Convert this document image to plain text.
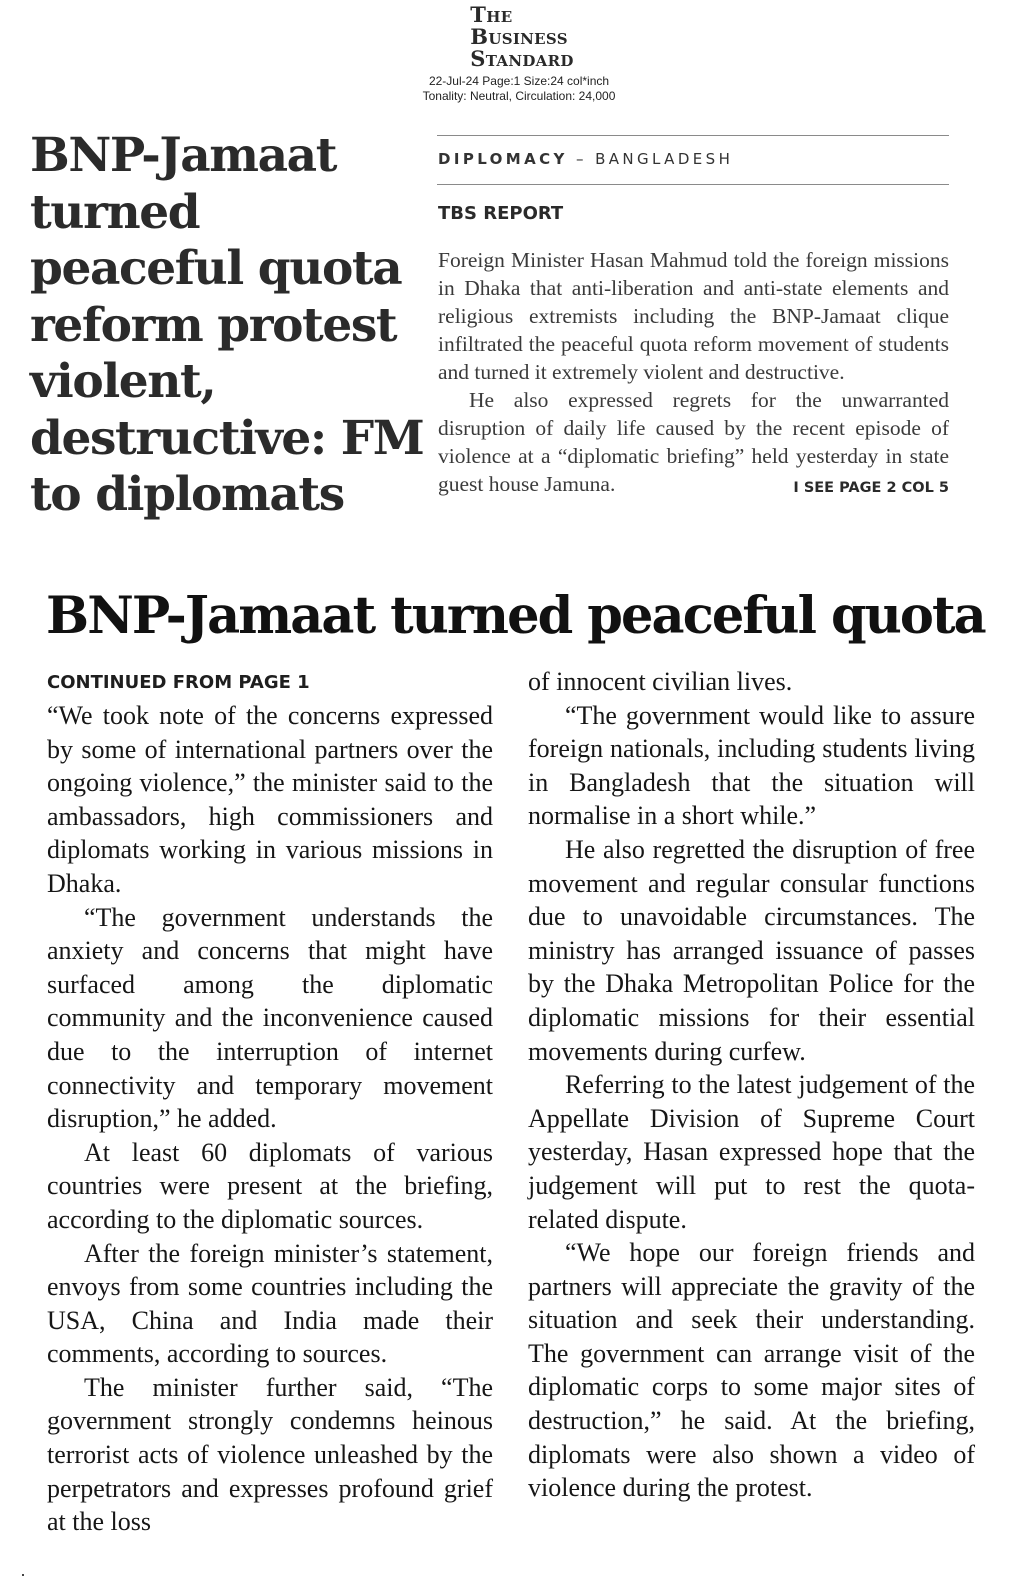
The
Business
Standard
22-Jul-24 Page:1 Size:24 col*inch
Tonality: Neutral, Circulation: 24,000
BNP-Jamaat turned peaceful quota reform protest violent, destructive: FM to diplomats
DIPLOMACY – BANGLADESH
TBS REPORT

Foreign Minister Hasan Mahmud told the foreign missions in Dhaka that anti-liberation and anti-state elements and religious extremists including the BNP-Jamaat clique infiltrated the peaceful quota reform movement of students and turned it extremely violent and destructive.

He also expressed regrets for the unwarranted disruption of daily life caused by the recent episode of violence at a “diplomatic briefing” held yesterday in state guest house Jamuna.	I SEE PAGE 2 COL 5

BNP-Jamaat turned peaceful quota
CONTINUED FROM PAGE 1

“We took note of the concerns expressed by some of international partners over the ongoing violence,” the minister said to the ambassadors, high commissioners and diplomats working in various missions in Dhaka.

“The government understands the anxiety and concerns that might have surfaced among the diplomatic community and the inconvenience caused due to the interruption of internet connectivity and temporary movement disruption,” he added.

At least 60 diplomats of various countries were present at the briefing, according to the diplomatic sources.

After the foreign minister’s statement, envoys from some countries including the USA, China and India made their comments, according to sources.

The minister further said, “The government strongly condemns heinous terrorist acts of violence unleashed by the perpetrators and expresses profound grief at the loss

of innocent civilian lives.

“The government would like to assure foreign nationals, including students living in Bangladesh that the situation will normalise in a short while.”

He also regretted the disruption of free movement and regular consular functions due to unavoidable circumstances. The ministry has arranged issuance of passes by the Dhaka Metropolitan Police for the diplomatic missions for their essential movements during curfew.

Referring to the latest judgement of the Appellate Division of Supreme Court yesterday, Hasan expressed hope that the judgement will put to rest the quota-related dispute.

“We hope our foreign friends and partners will appreciate the gravity of the situation and seek their understanding. The government can arrange visit of the diplomatic corps to some major sites of destruction,” he said. At the briefing, diplomats were also shown a video of violence during the protest.
